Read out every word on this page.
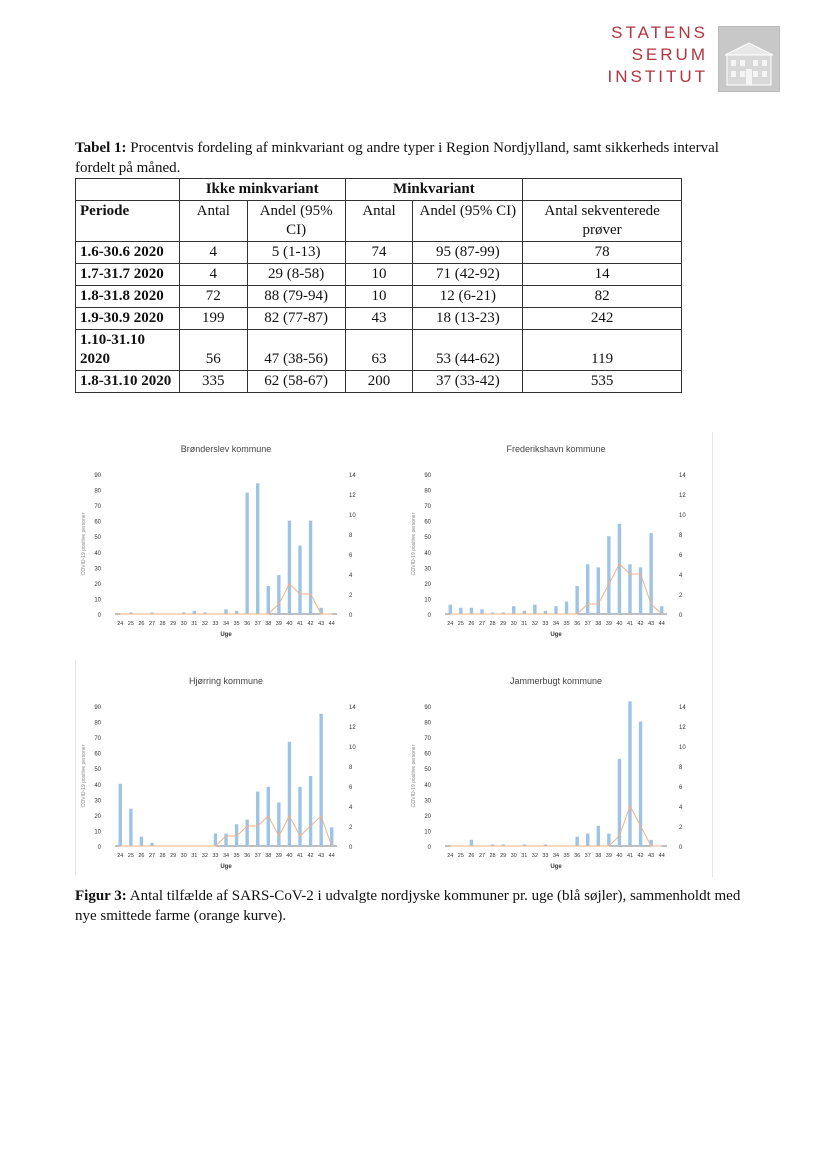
STATENS
SERUM
INSTITUT
Tabel 1: Procentvis fordeling af minkvariant og andre typer i Region Nordjylland, samt sikkerheds interval fordelt på måned.
	Ikke minkvariant		Minkvariant		
Periode	Antal	Andel (95% CI)	Antal	Andel (95% CI)	Antal sekventerede prøver
1.6-30.6 2020	4	5 (1-13)	74	95 (87-99)	78
1.7-31.7 2020	4	29 (8-58)	10	71 (42-92)	14
1.8-31.8 2020	72	88 (79-94)	10	12 (6-21)	82
1.9-30.9 2020	199	82 (77-87)	43	18 (13-23)	242
1.10-31.10 2020	56	47 (38-56)	63	53 (44-62)	119
1.8-31.10 2020	335	62 (58-67)	200	37 (33-42)	535
Brønderslev kommune
0
10
20
30
40
50
60
70
80
90
0
2
4
6
8
10
12
14
COVID-19 positive personer
24 25 26 27 28 29 30 31 32 33 34 35 36 37 38 39 40 41 42 43 44
Uge
Frederikshavn kommune
0
10
20
30
40
50
60
70
80
90
0
2
4
6
8
10
12
14
COVID-19 positive personer
24 25 26 27 28 29 30 31 32 33 34 35 36 37 38 39 40 41 42 43 44
Uge
Hjørring kommune
0
10
20
30
40
50
60
70
80
90
0
2
4
6
8
10
12
14
COVID-19 positive personer
24 25 26 27 28 29 30 31 32 33 34 35 36 37 38 39 40 41 42 43 44
Uge
Jammerbugt kommune
0
10
20
30
40
50
60
70
80
90
0
2
4
6
8
10
12
14
COVID-19 positive personer
24 25 26 27 28 29 30 31 32 33 34 35 36 37 38 39 40 41 42 43 44
Uge
Figur 3: Antal tilfælde af SARS-CoV-2 i udvalgte nordjyske kommuner pr. uge (blå søjler), sammenholdt med nye smittede farme (orange kurve).
